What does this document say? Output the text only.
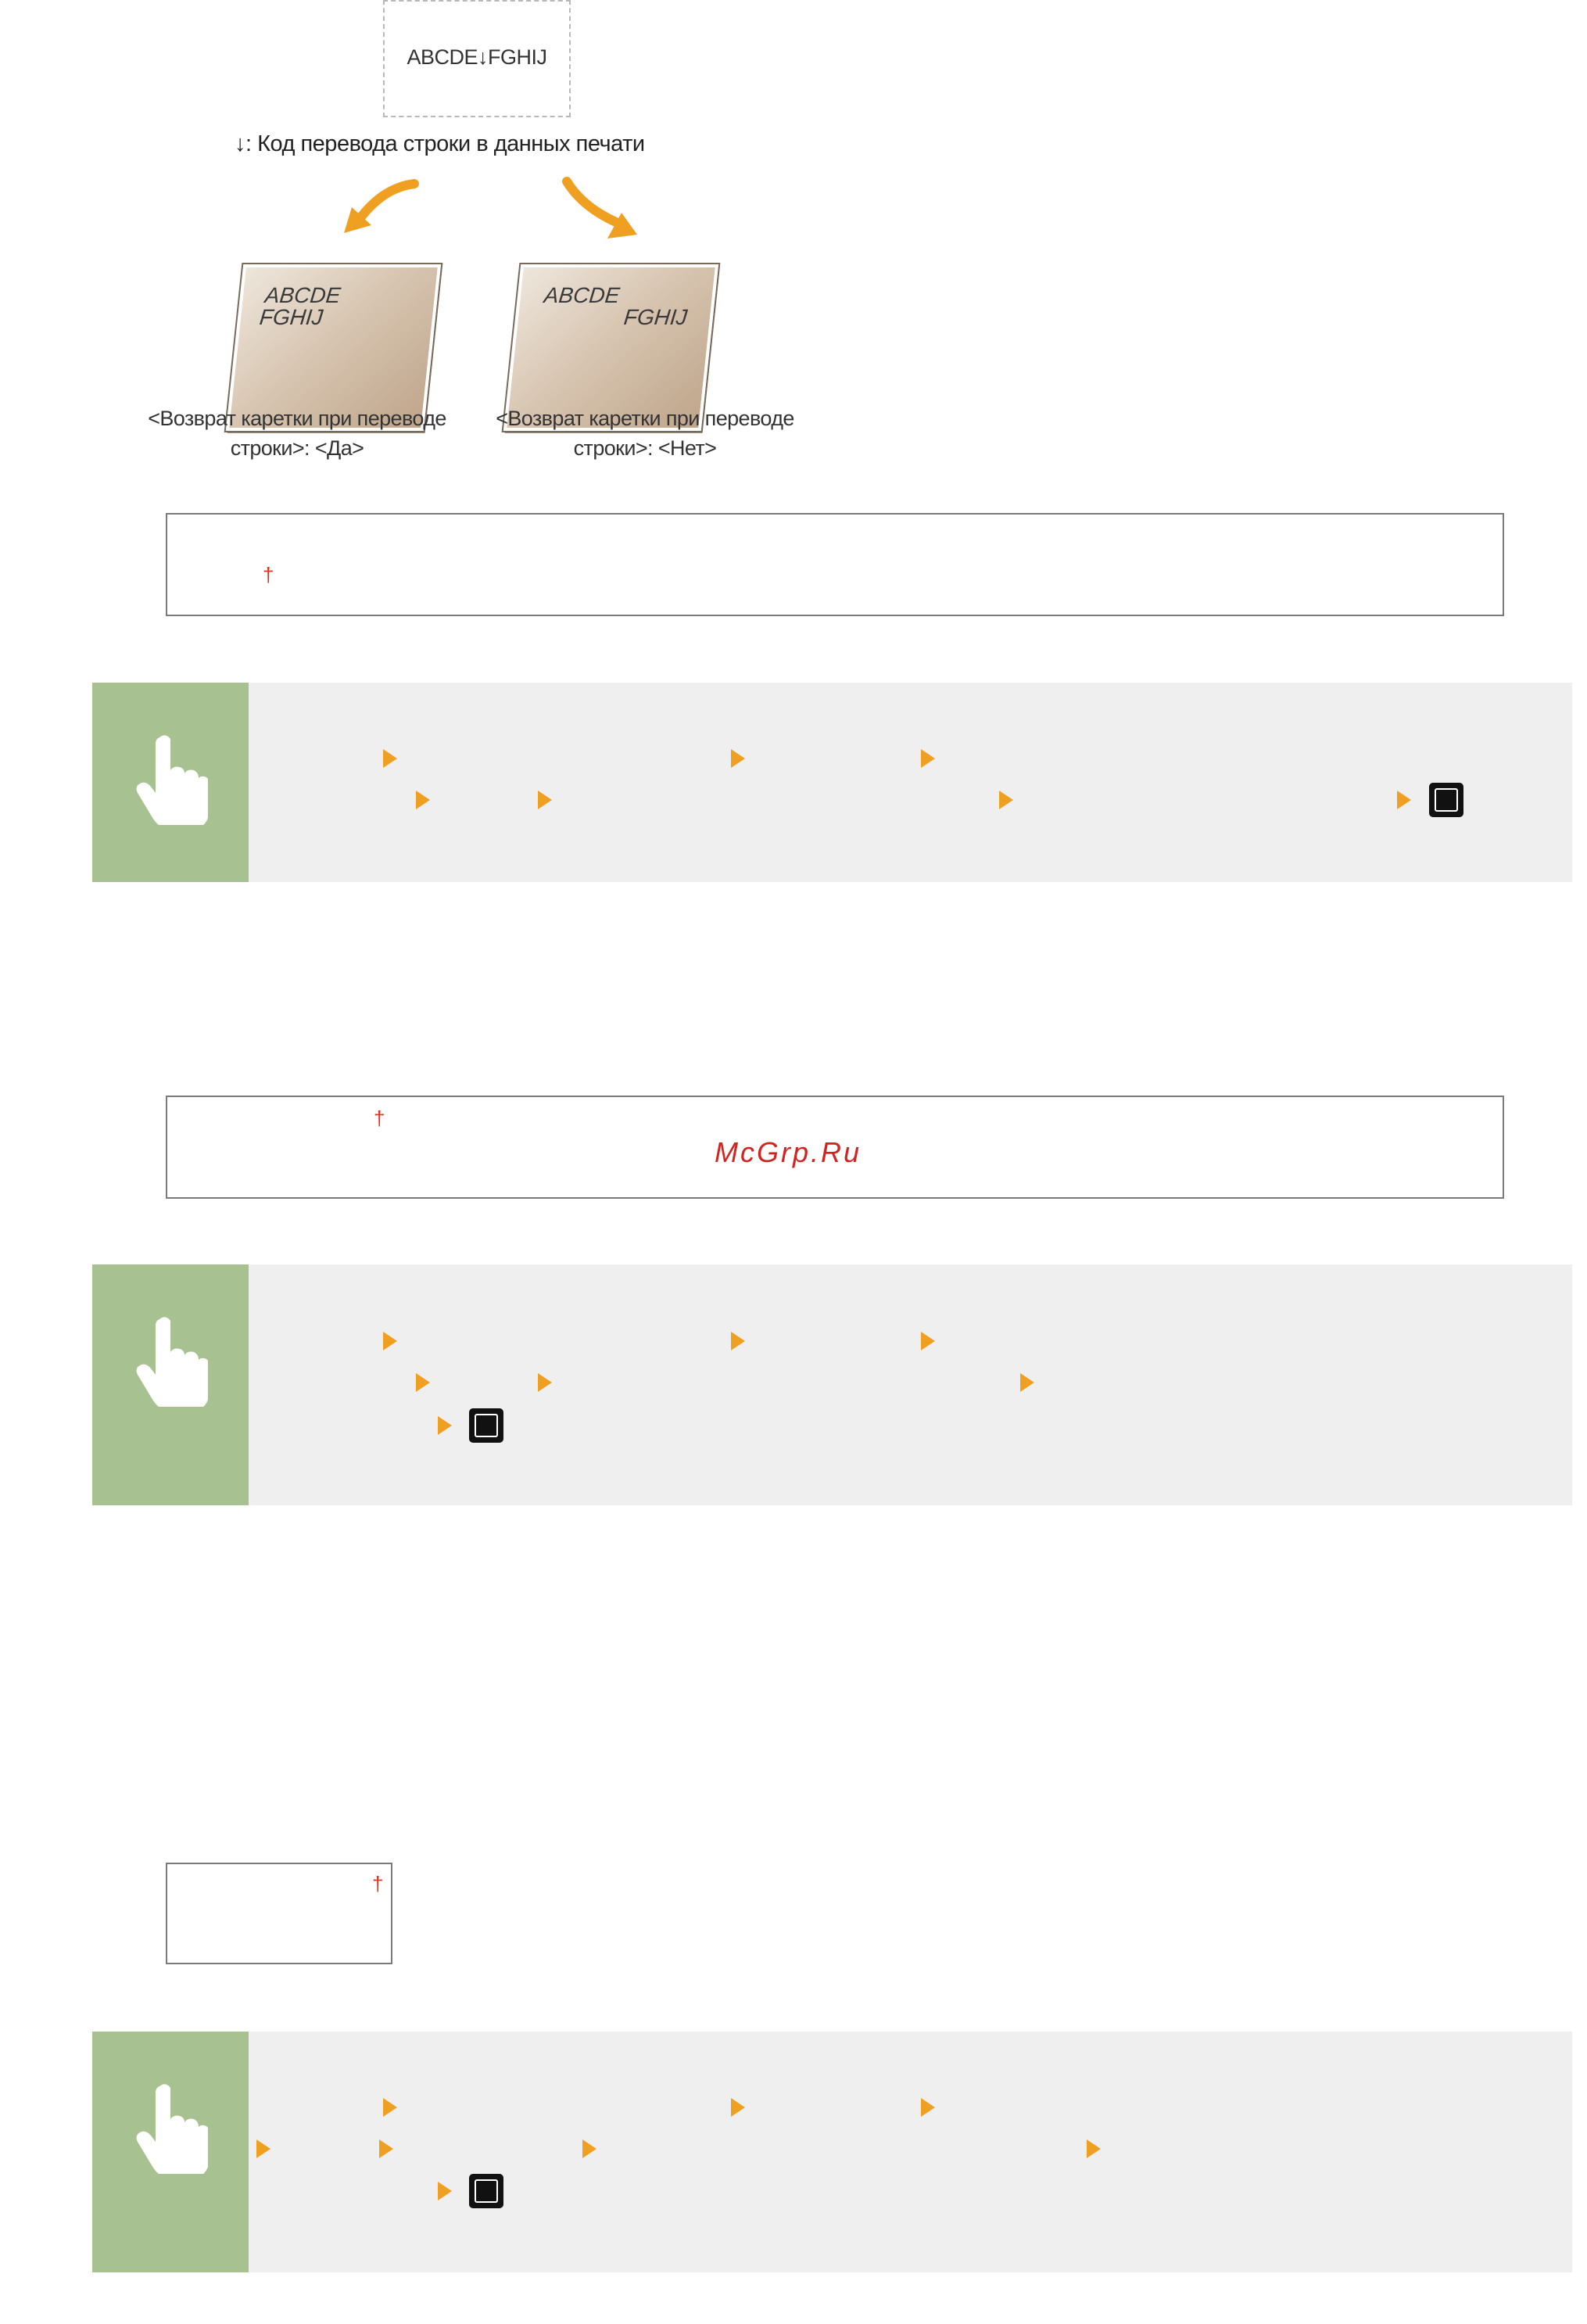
ABCDE↓FGHIJ
↓: Код перевода строки в данных печати
ABCDE
FGHIJ
ABCDE
FGHIJ
<Возврат каретки при переводе
строки>: <Да>
<Возврат каретки при переводе
строки>: <Нет>
†
†
McGrp.Ru
†
